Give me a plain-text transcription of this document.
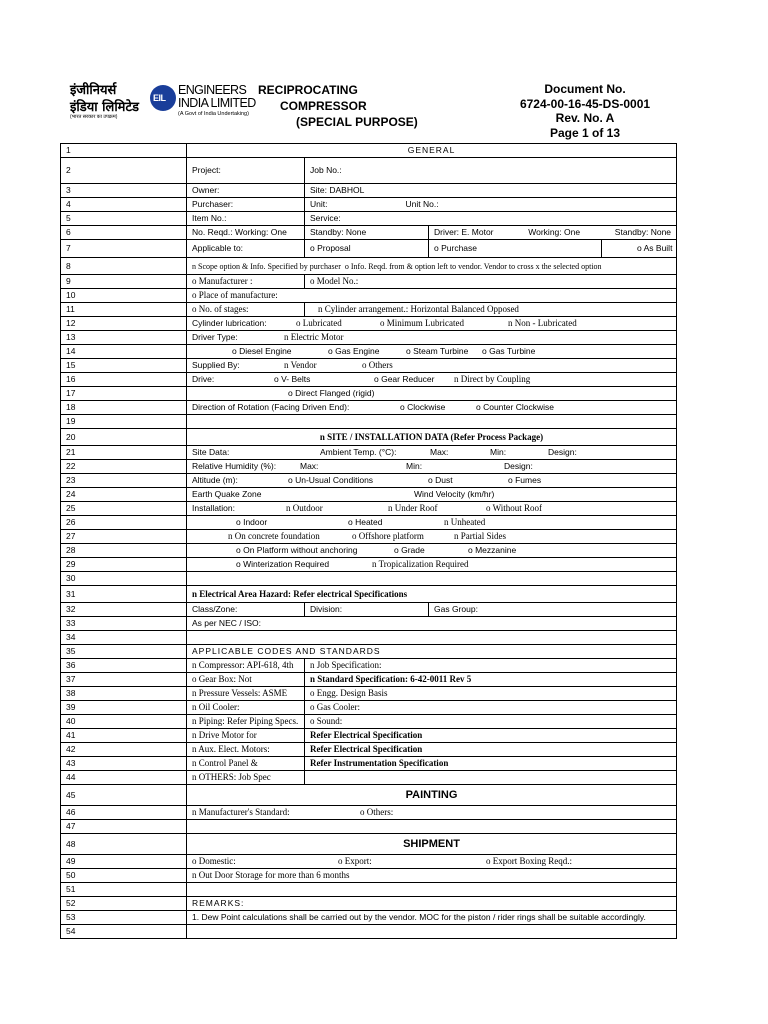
इंजीनियर्स
इंडिया लिमिटेड
(भारत सरकार का उपक्रम)
EIL
ENGINEERS
INDIA LIMITED
(A Govt of India Undertaking)
RECIPROCATING
COMPRESSOR
(SPECIAL PURPOSE)
Document No.
6724-00-16-45-DS-0001
Rev. No. A
Page 1 of 13
1	GENERAL			
2	Project:	Job No.:		
3	Owner:	Site: DABHOL		
4	Purchaser:	Unit: Unit No.:		
5	Item No.:	Service:		
6	No. Reqd.: Working: One	Standby: None	Driver: E. Motor Working: One Standby: None	

7	Applicable to:	o Proposal	o Purchase	o As Built
8	n Scope option & Info. Specified by purchaser o Info. Reqd. from & option left to vendor. Vendor to cross x the selected option			
9	o Manufacturer :	o Model No.:		
10	o Place of manufacture:			
11	o No. of stages:	n Cylinder arrangement.: Horizontal Balanced Opposed		
12	Cylinder lubrication: o Lubricated o Minimum Lubricated n Non - Lubricated			
13	Driver Type: n Electric Motor			
14	o Diesel Engine o Gas Engine o Steam Turbine o Gas Turbine			
15	Supplied By: n Vendor o Others			
16	Drive: o V- Belts o Gear Reducer n Direct by Coupling			
17	o Direct Flanged (rigid)			
18	Direction of Rotation (Facing Driven End): o Clockwise o Counter Clockwise			
19				
20	n SITE / INSTALLATION DATA (Refer Process Package)			
21	Site Data: Ambient Temp. (°C): Max: Min: Design:			
22	Relative Humidity (%): Max: Min: Design:			
23	Altitude (m): o Un-Usual Conditions o Dust o Fumes			
24	Earth Quake Zone Wind Velocity (km/hr)			
25	Installation: n Outdoor n Under Roof o Without Roof			
26	o Indoor o Heated n Unheated			
27	n On concrete foundation o Offshore platform n Partial Sides			
28	o On Platform without anchoring o Grade o Mezzanine			
29	o Winterization Required n Tropicalization Required			
30				
31	n Electrical Area Hazard: Refer electrical Specifications			
32	Class/Zone:	Division:	Gas Group:	
33	As per NEC / ISO:			
34				
35	APPLICABLE CODES AND STANDARDS			
36	n Compressor: API-618, 4th	n Job Specification:		
37	o Gear Box: Not	n Standard Specification: 6-42-0011 Rev 5		
38	n Pressure Vessels: ASME	o Engg. Design Basis		
39	n Oil Cooler:	o Gas Cooler:		
40	n Piping: Refer Piping Specs.	o Sound:		
41	n Drive Motor for	Refer Electrical Specification		
42	n Aux. Elect. Motors:	Refer Electrical Specification		
43	n Control Panel &	Refer Instrumentation Specification		
44	n OTHERS: Job Spec			
45	PAINTING			
46	n Manufacturer's Standard: o Others:			
47				
48	SHIPMENT			
49	o Domestic: o Export: o Export Boxing Reqd.:			
50	n Out Door Storage for more than 6 months			
51				
52	REMARKS:			
53	1. Dew Point calculations shall be carried out by the vendor. MOC for the piston / rider rings shall be suitable accordingly.			
54				
